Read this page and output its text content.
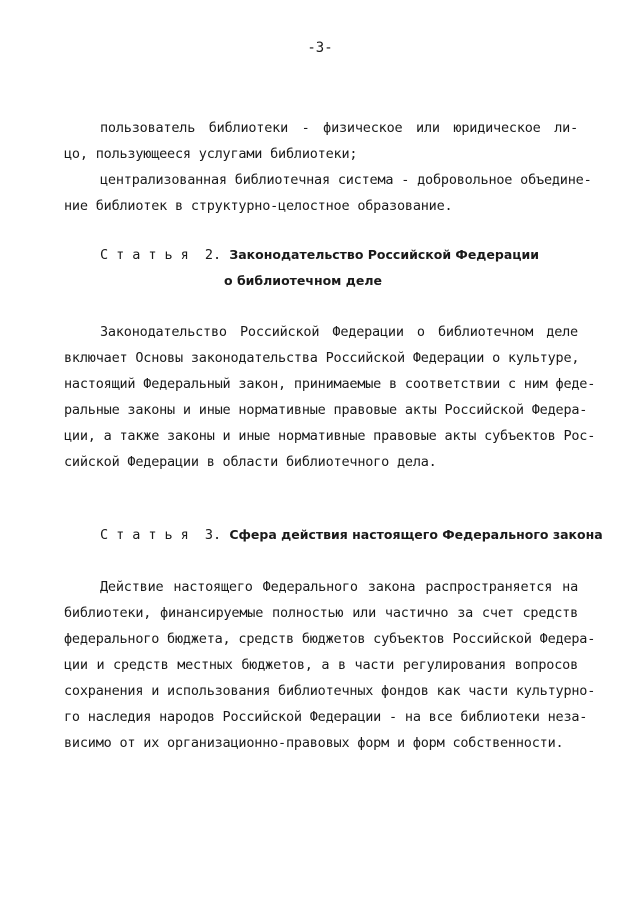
-3-
пользователь библиотеки - физическое или юридическое ли-
цо, пользующееся услугами библиотеки;
централизованная библиотечная система - добровольное объедине-
ние библиотек в структурно-целостное образование.
Статья 2. Законодательство Российской Федерации
о библиотечном деле
Законодательство Российской Федерации о библиотечном деле
включает Основы законодательства Российской Федерации о культуре,
настоящий Федеральный закон, принимаемые в соответствии с ним феде-
ральные законы и иные нормативные правовые акты Российской Федера-
ции, а также законы и иные нормативные правовые акты субъектов Рос-
сийской Федерации в области библиотечного дела.
Статья 3. Сфера действия настоящего Федерального закона
Действие настоящего Федерального закона распространяется на
библиотеки, финансируемые полностью или частично за счет средств
федерального бюджета, средств бюджетов субъектов Российской Федера-
ции и средств местных бюджетов, а в части регулирования вопросов
сохранения и использования библиотечных фондов как части культурно-
го наследия народов Российской Федерации - на все библиотеки неза-
висимо от их организационно-правовых форм и форм собственности.
